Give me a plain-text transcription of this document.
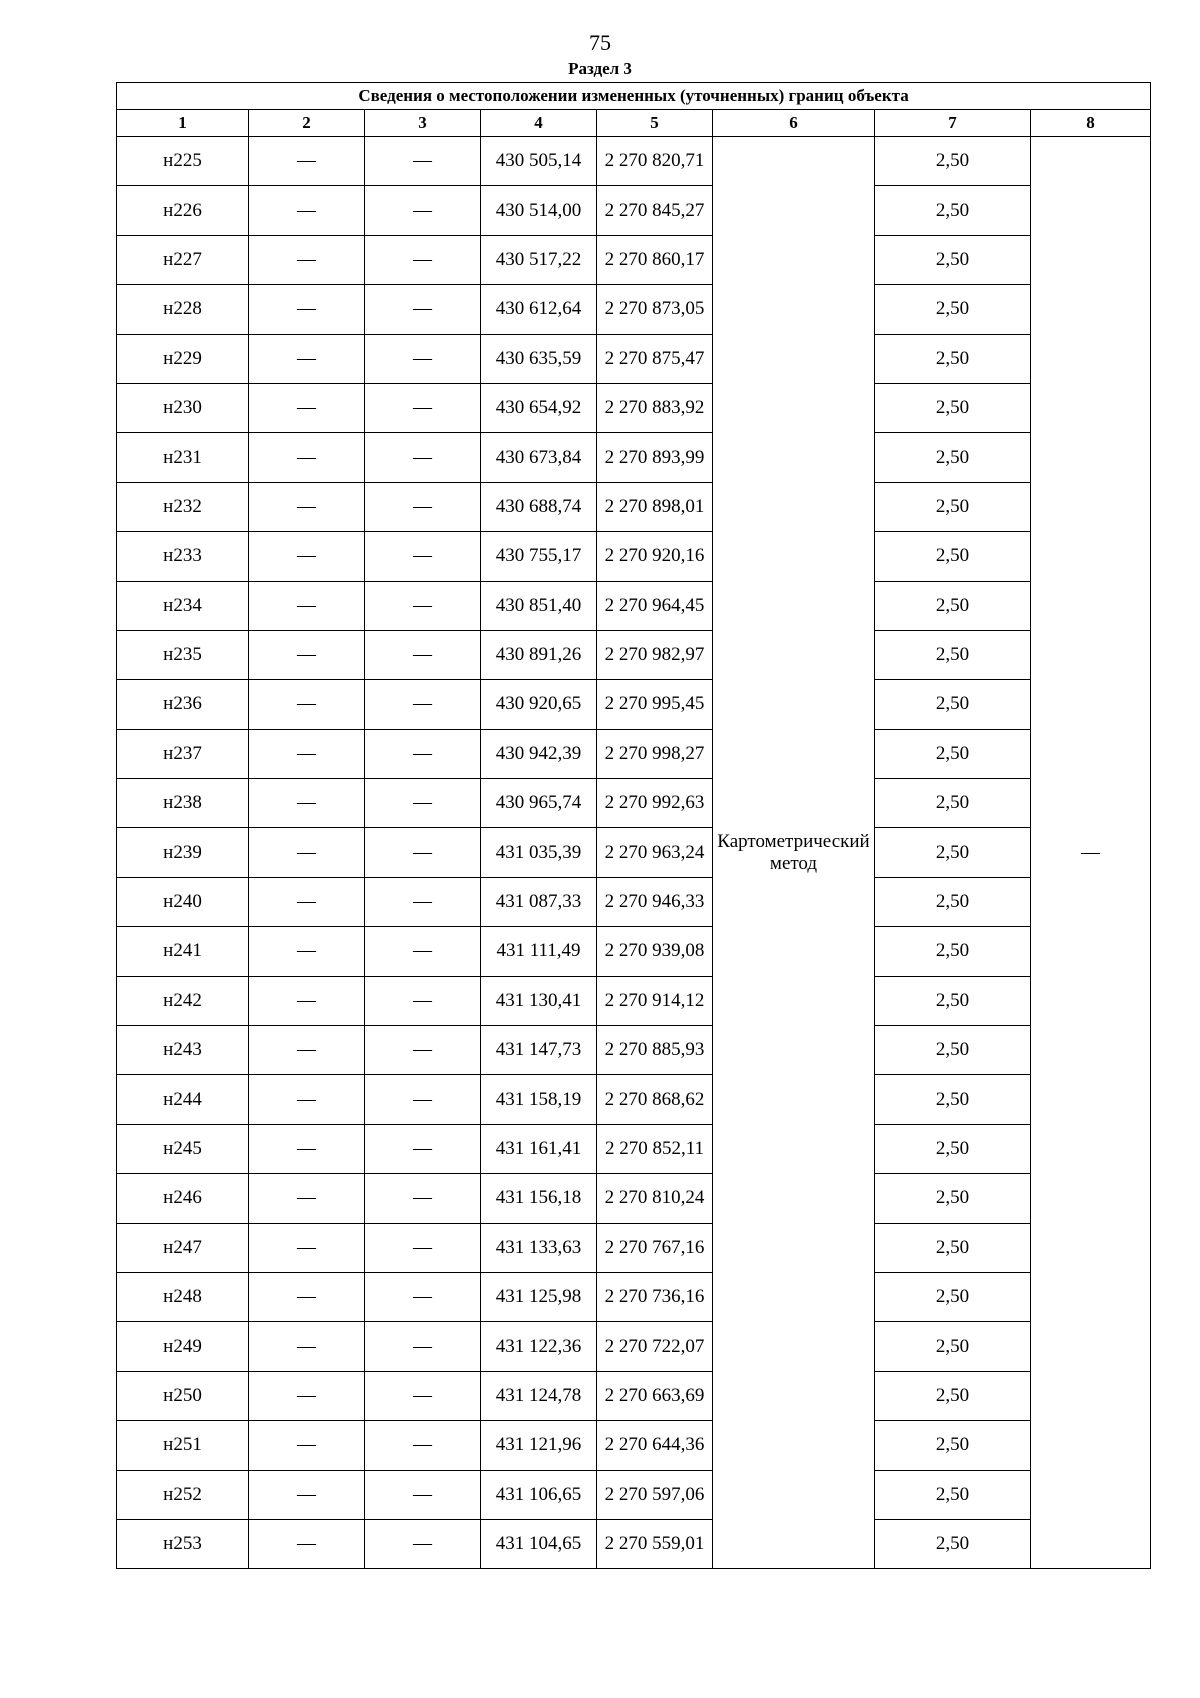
75
Раздел 3
Сведения о местоположении измененных (уточненных) границ объекта							
1	2	3	4	5	6	7	8
н225	—	—	430 505,14	2 270 820,71	Картометрический метод	2,50	—
н226	—	—	430 514,00	2 270 845,27		2,50	
н227	—	—	430 517,22	2 270 860,17		2,50	
н228	—	—	430 612,64	2 270 873,05		2,50	
н229	—	—	430 635,59	2 270 875,47		2,50	
н230	—	—	430 654,92	2 270 883,92		2,50	
н231	—	—	430 673,84	2 270 893,99		2,50	
н232	—	—	430 688,74	2 270 898,01		2,50	
н233	—	—	430 755,17	2 270 920,16		2,50	
н234	—	—	430 851,40	2 270 964,45		2,50	
н235	—	—	430 891,26	2 270 982,97		2,50	
н236	—	—	430 920,65	2 270 995,45		2,50	
н237	—	—	430 942,39	2 270 998,27		2,50	
н238	—	—	430 965,74	2 270 992,63		2,50	
н239	—	—	431 035,39	2 270 963,24		2,50	
н240	—	—	431 087,33	2 270 946,33		2,50	
н241	—	—	431 111,49	2 270 939,08		2,50	
н242	—	—	431 130,41	2 270 914,12		2,50	
н243	—	—	431 147,73	2 270 885,93		2,50	
н244	—	—	431 158,19	2 270 868,62		2,50	
н245	—	—	431 161,41	2 270 852,11		2,50	
н246	—	—	431 156,18	2 270 810,24		2,50	
н247	—	—	431 133,63	2 270 767,16		2,50	
н248	—	—	431 125,98	2 270 736,16		2,50	
н249	—	—	431 122,36	2 270 722,07		2,50	
н250	—	—	431 124,78	2 270 663,69		2,50	
н251	—	—	431 121,96	2 270 644,36		2,50	
н252	—	—	431 106,65	2 270 597,06		2,50	
н253	—	—	431 104,65	2 270 559,01		2,50	
